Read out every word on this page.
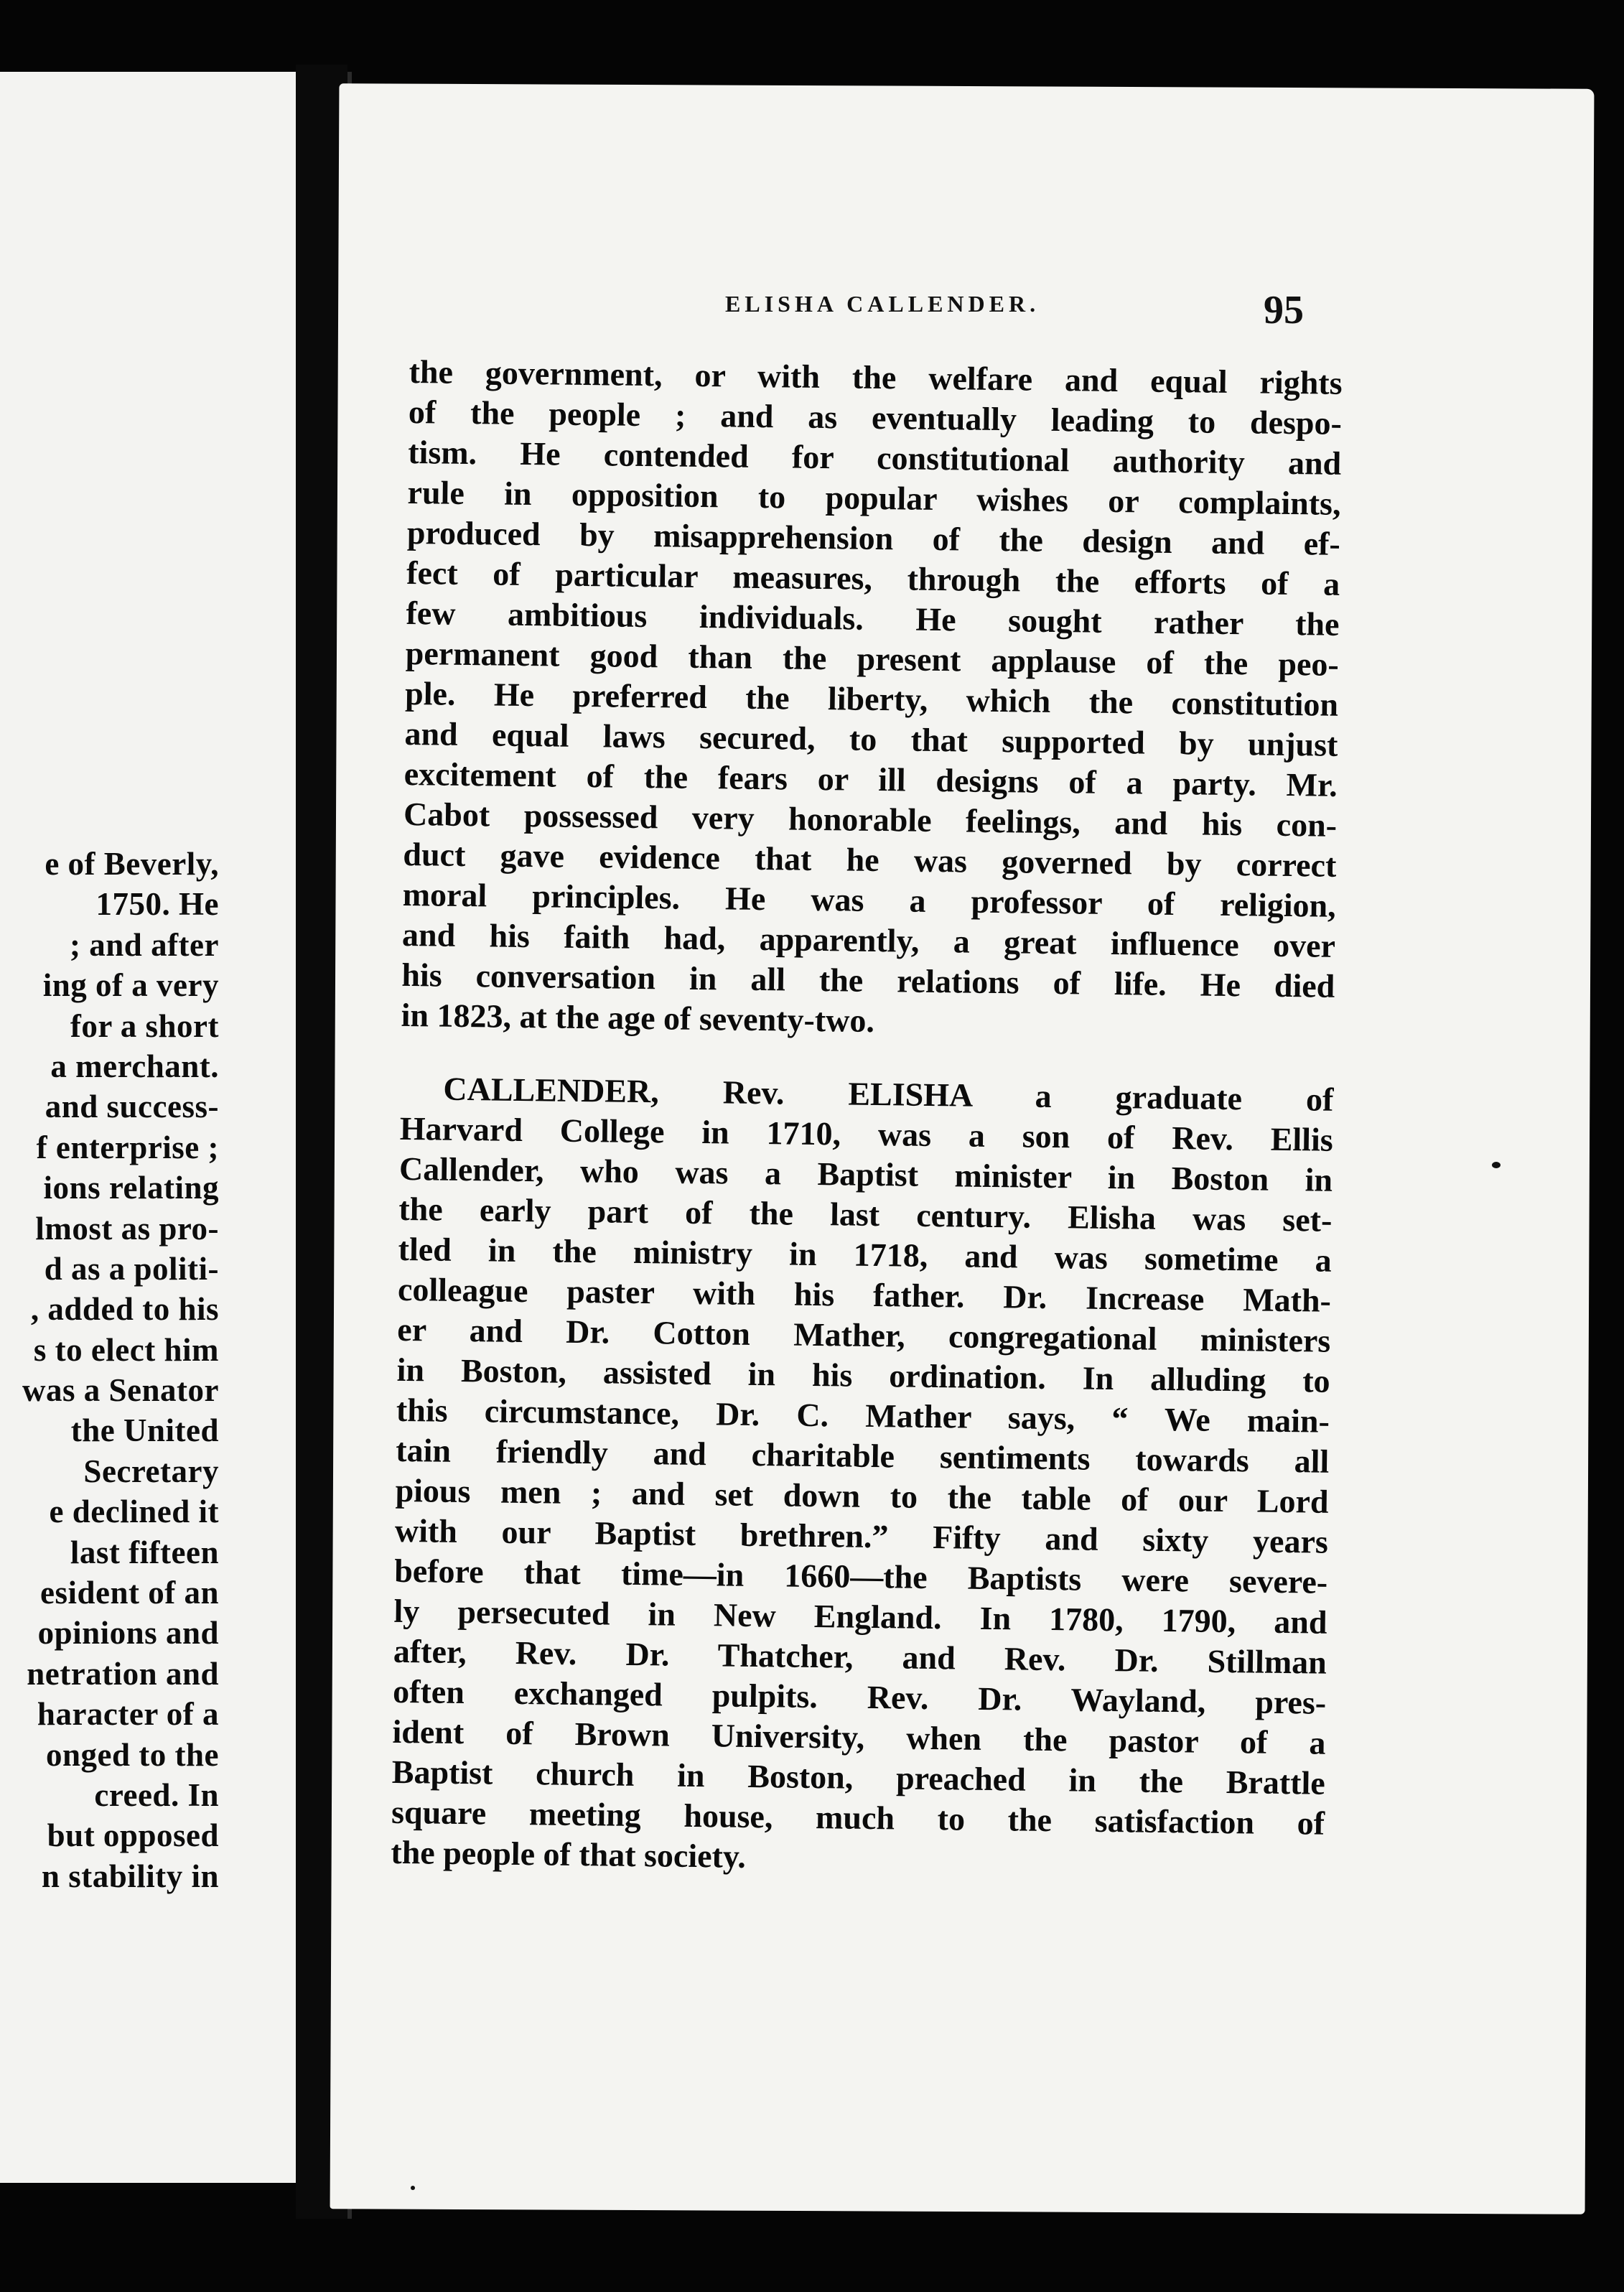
e of Beverly,
1750. He
; and after
ing of a very
for a short
a merchant.
and success-
f enterprise ;
ions relating
lmost as pro-
d as a politi-
, added to his
s to elect him
was a Senator
the United
Secretary
e declined it
last fifteen
esident of an
opinions and
netration and
haracter of a
onged to the
creed. In
but opposed
n stability in
ELISHA CALLENDER.	95
the government, or with the welfare and equal rights
of the people ; and as eventually leading to despo-
tism. He contended for constitutional authority and
rule in opposition to popular wishes or complaints,
produced by misapprehension of the design and ef-
fect of particular measures, through the efforts of a
few ambitious individuals. He sought rather the
permanent good than the present applause of the peo-
ple. He preferred the liberty, which the constitution
and equal laws secured, to that supported by unjust
excitement of the fears or ill designs of a party. Mr.
Cabot possessed very honorable feelings, and his con-
duct gave evidence that he was governed by correct
moral principles. He was a professor of religion,
and his faith had, apparently, a great influence over
his conversation in all the relations of life. He died
in 1823, at the age of seventy-two.
CALLENDER, Rev. ELISHA a graduate of
Harvard College in 1710, was a son of Rev. Ellis
Callender, who was a Baptist minister in Boston in
the early part of the last century. Elisha was set-
tled in the ministry in 1718, and was sometime a
colleague paster with his father. Dr. Increase Math-
er and Dr. Cotton Mather, congregational ministers
in Boston, assisted in his ordination. In alluding to
this circumstance, Dr. C. Mather says, “ We main-
tain friendly and charitable sentiments towards all
pious men ; and set down to the table of our Lord
with our Baptist brethren.” Fifty and sixty years
before that time—in 1660—the Baptists were severe-
ly persecuted in New England. In 1780, 1790, and
after, Rev. Dr. Thatcher, and Rev. Dr. Stillman
often exchanged pulpits. Rev. Dr. Wayland, pres-
ident of Brown University, when the pastor of a
Baptist church in Boston, preached in the Brattle
square meeting house, much to the satisfaction of
the people of that society.
